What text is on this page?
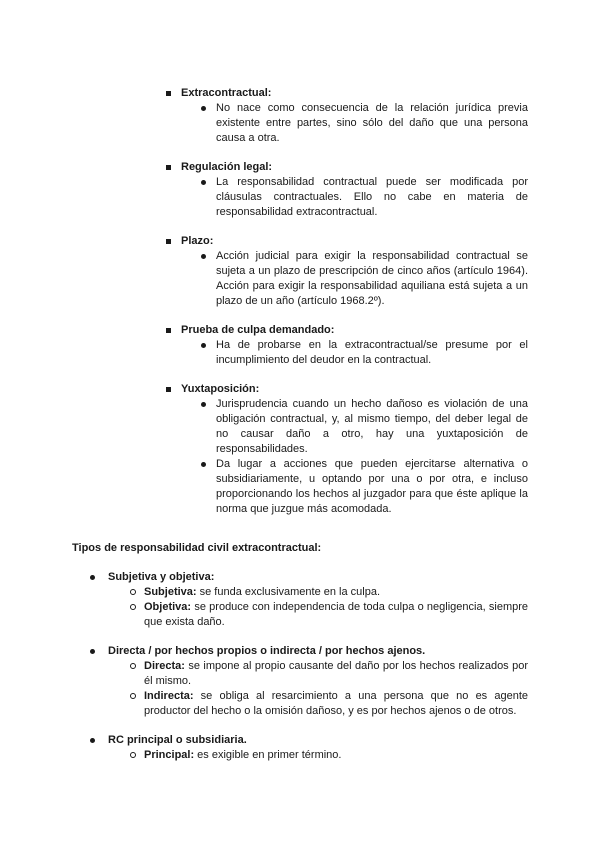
Extracontractual:
No nace como consecuencia de la relación jurídica previa existente entre partes, sino sólo del daño que una persona causa a otra.
Regulación legal:
La responsabilidad contractual puede ser modificada por cláusulas contractuales. Ello no cabe en materia de responsabilidad extracontractual.
Plazo:
Acción judicial para exigir la responsabilidad contractual se sujeta a un plazo de prescripción de cinco años (artículo 1964). Acción para exigir la responsabilidad aquiliana está sujeta a un plazo de un año (artículo 1968.2º).
Prueba de culpa demandado:
Ha de probarse en la extracontractual/se presume por el incumplimiento del deudor en la contractual.
Yuxtaposición:
Jurisprudencia cuando un hecho dañoso es violación de una obligación contractual, y, al mismo tiempo, del deber legal de no causar daño a otro, hay una yuxtaposición de responsabilidades.
Da lugar a acciones que pueden ejercitarse alternativa o subsidiariamente, u optando por una o por otra, e incluso proporcionando los hechos al juzgador para que éste aplique la norma que juzgue más acomodada.

Tipos de responsabilidad civil extracontractual:

Subjetiva y objetiva:
Subjetiva: se funda exclusivamente en la culpa.
Objetiva: se produce con independencia de toda culpa o negligencia, siempre que exista daño.
Directa / por hechos propios o indirecta / por hechos ajenos.
Directa: se impone al propio causante del daño por los hechos realizados por él mismo.
Indirecta: se obliga al resarcimiento a una persona que no es agente productor del hecho o la omisión dañoso, y es por hechos ajenos o de otros.
RC principal o subsidiaria.
Principal: es exigible en primer término.
